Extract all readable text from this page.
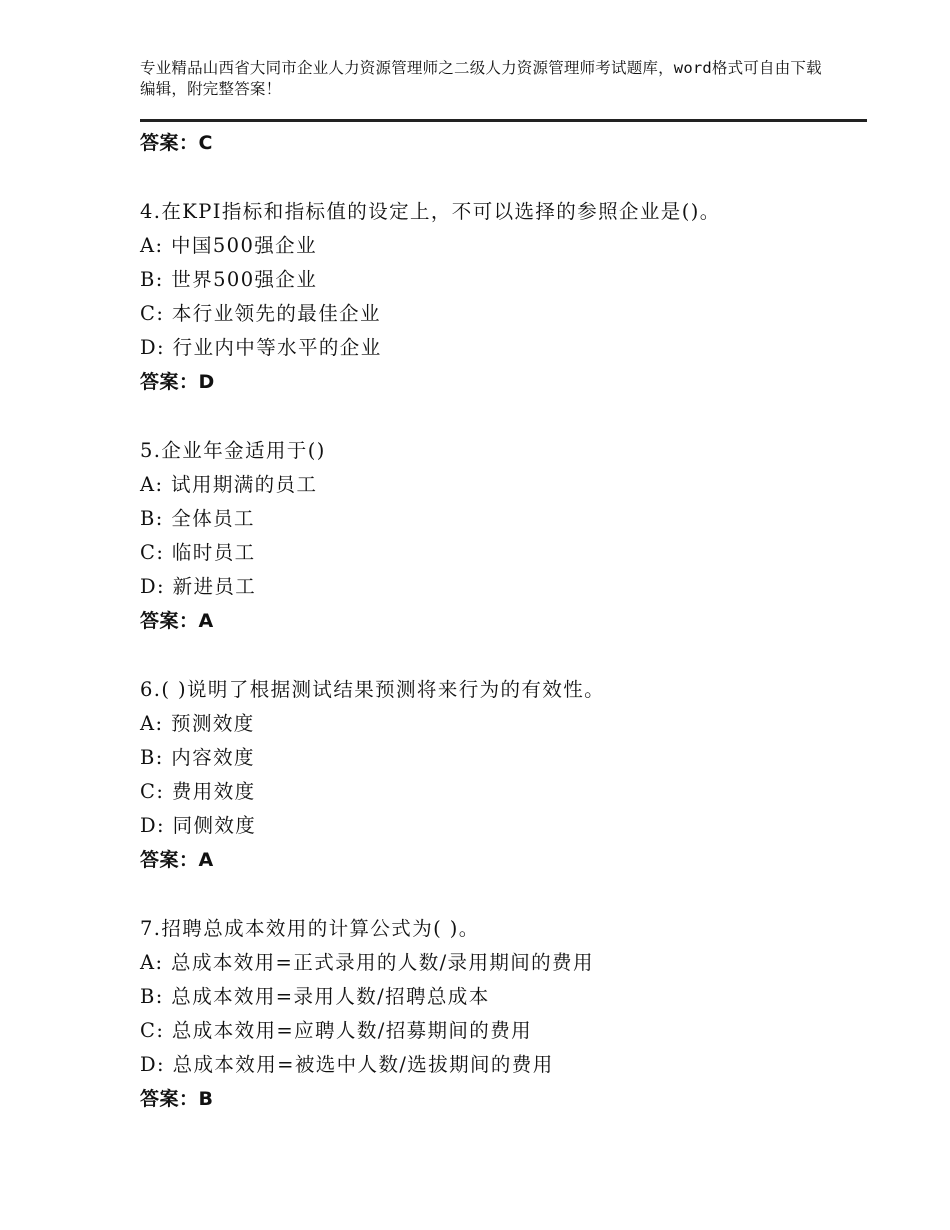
专业精品山西省大同市企业人力资源管理师之二级人力资源管理师考试题库，word格式可自由下载编辑，附完整答案！
答案：C
4.在KPI指标和指标值的设定上，不可以选择的参照企业是()。
A: 中国500强企业
B: 世界500强企业
C: 本行业领先的最佳企业
D: 行业内中等水平的企业
答案：D
5.企业年金适用于()
A: 试用期满的员工
B: 全体员工
C: 临时员工
D: 新进员工
答案：A
6.( )说明了根据测试结果预测将来行为的有效性。
A: 预测效度
B: 内容效度
C: 费用效度
D: 同侧效度
答案：A
7.招聘总成本效用的计算公式为( )。
A: 总成本效用=正式录用的人数/录用期间的费用
B: 总成本效用=录用人数/招聘总成本
C: 总成本效用=应聘人数/招募期间的费用
D: 总成本效用=被选中人数/选拔期间的费用
答案：B
